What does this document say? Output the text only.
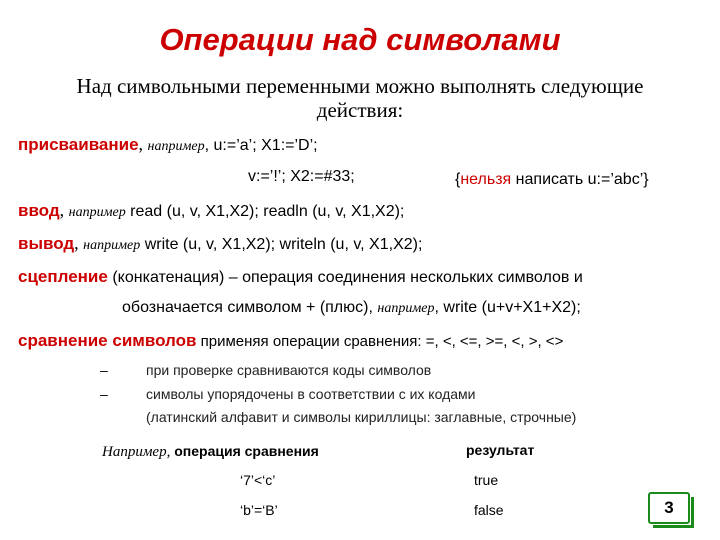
Операции над символами
Над символьными переменными можно выполнять следующие
действия:
присваивание, например, u:=’a’; X1:=’D’;
v:=’!’; X2:=#33;	{нельзя написать u:=’abc’}
ввод, например read (u, v, X1,X2); readln (u, v, X1,X2);
вывод, например write (u, v, X1,X2); writeln (u, v, X1,X2);
сцепление (конкатенация) – операция соединения нескольких символов и
обозначается символом + (плюс), например, write (u+v+X1+X2);
сравнение символов применяя операции сравнения: =, <, <=, >=, <, >, <>
–	при проверке сравниваются коды символов
–	символы упорядочены в соответствии с их кодами
(латинский алфавит и символы кириллицы: заглавные, строчные)
Например, операция сравнения	результат
‘7’<‘c’	true
‘b’=‘B’	false	3
